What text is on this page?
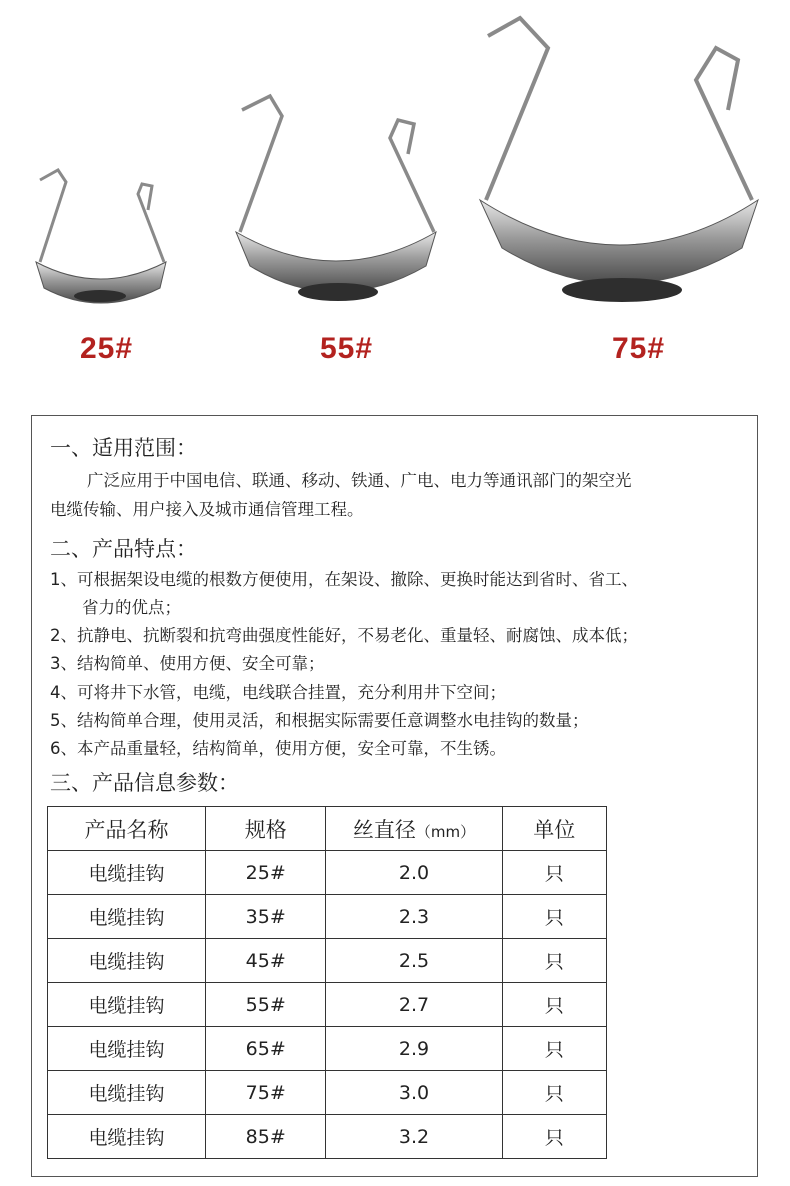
25#	55#	75#
一、适用范围：
广泛应用于中国电信、联通、移动、铁通、广电、电力等通讯部门的架空光
电缆传输、用户接入及城市通信管理工程。
二、产品特点：
1、可根据架设电缆的根数方便使用，在架设、撤除、更换时能达到省时、省工、
省力的优点；
2、抗静电、抗断裂和抗弯曲强度性能好，不易老化、重量轻、耐腐蚀、成本低；
3、结构简单、使用方便、安全可靠；
4、可将井下水管，电缆，电线联合挂置，充分利用井下空间；
5、结构简单合理，使用灵活，和根据实际需要任意调整水电挂钩的数量；
6、本产品重量轻，结构简单，使用方便，安全可靠，不生锈。
三、产品信息参数：
产品名称	规格	丝直径（mm）	单位
电缆挂钩	25#	2.0	只
电缆挂钩	35#	2.3	只
电缆挂钩	45#	2.5	只
电缆挂钩	55#	2.7	只
电缆挂钩	65#	2.9	只
电缆挂钩	75#	3.0	只
电缆挂钩	85#	3.2	只
